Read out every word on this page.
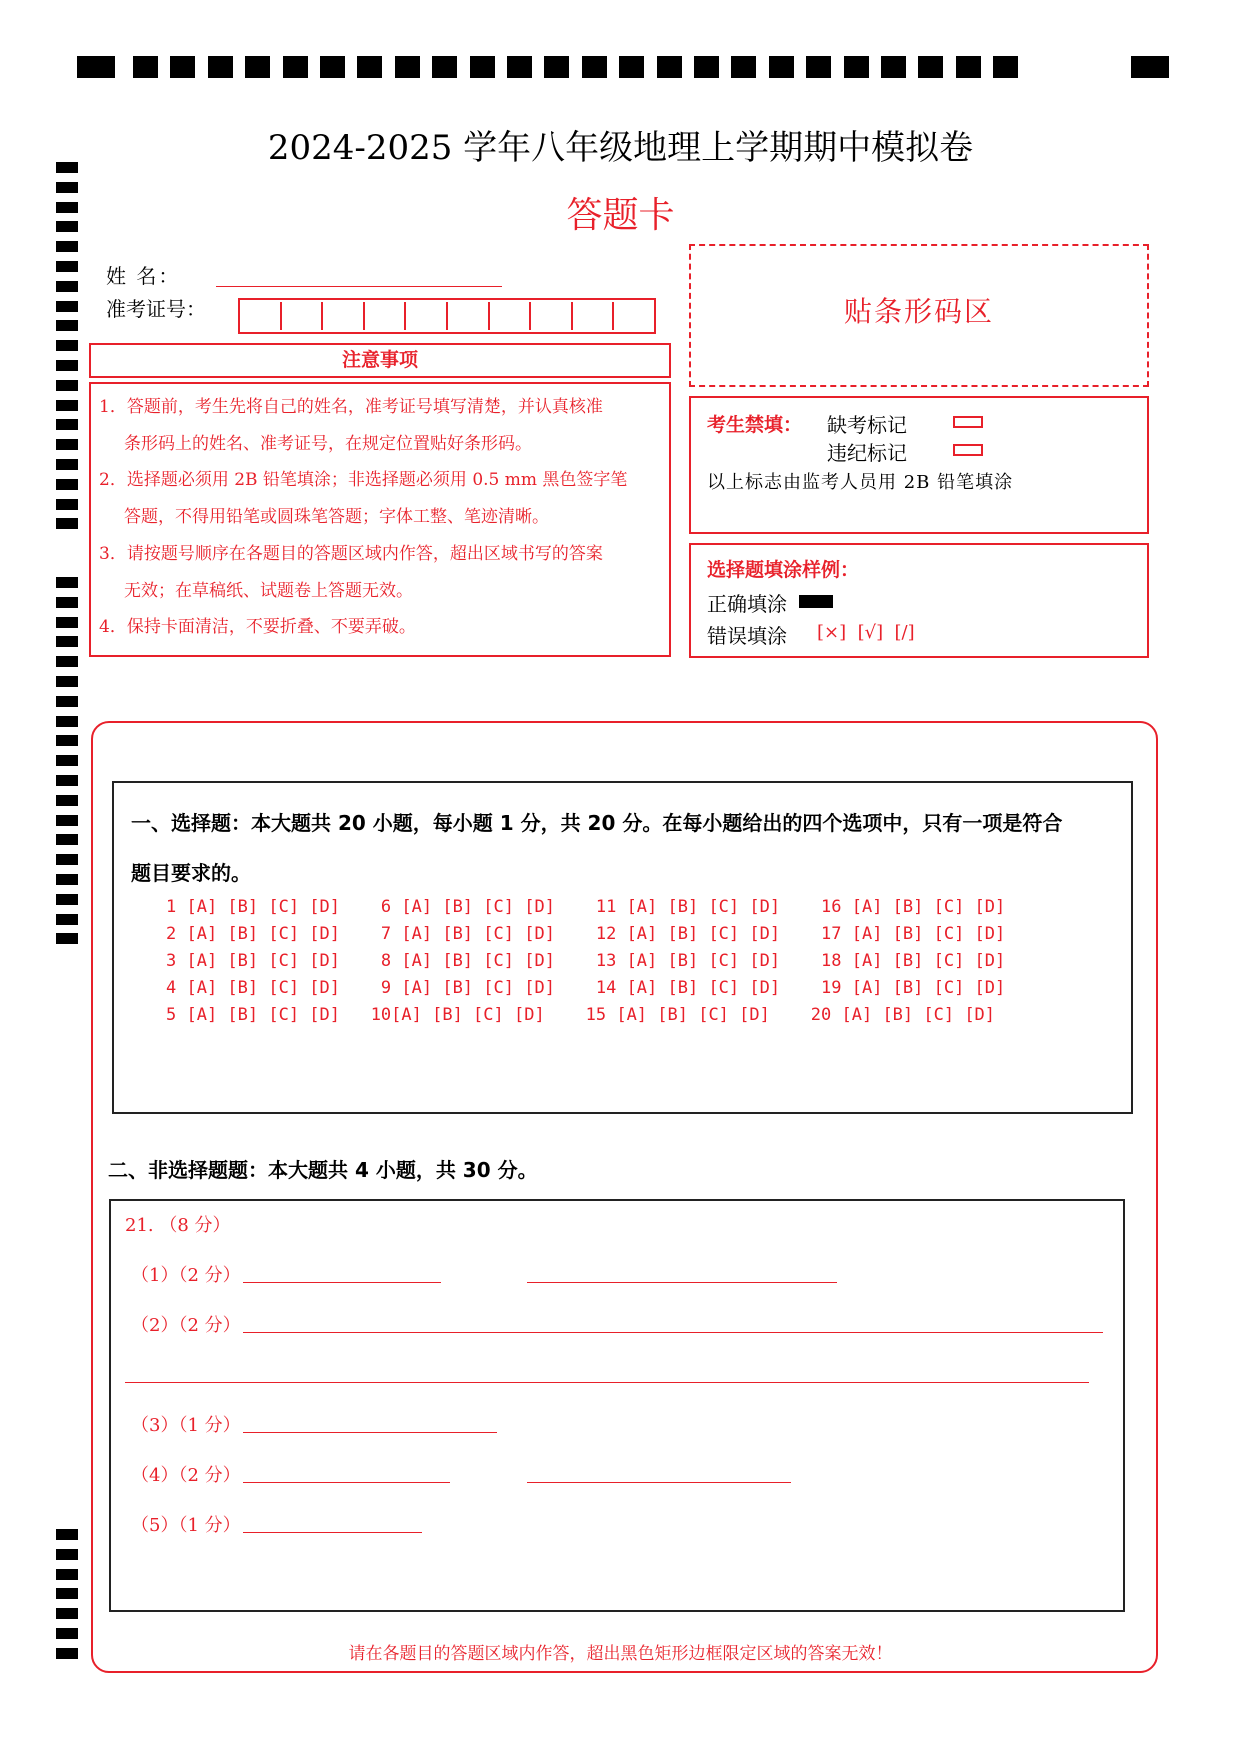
2024-2025 学年八年级地理上学期期中模拟卷
答题卡
姓 名：
准考证号：
注意事项
1．答题前，考生先将自己的姓名，准考证号填写清楚，并认真核准
条形码上的姓名、准考证号，在规定位置贴好条形码。
2．选择题必须用 2B 铅笔填涂；非选择题必须用 0.5 mm 黑色签字笔
答题，不得用铅笔或圆珠笔答题；字体工整、笔迹清晰。
3．请按题号顺序在各题目的答题区域内作答，超出区域书写的答案
无效；在草稿纸、试题卷上答题无效。
4．保持卡面清洁，不要折叠、不要弄破。
贴条形码区
考生禁填： 缺考标记
违纪标记
以上标志由监考人员用 2B 铅笔填涂
选择题填涂样例：
正确填涂
错误填涂 [×]  [√]  [/]
一、选择题：本大题共 20 小题，每小题 1 分，共 20 分。在每小题给出的四个选项中，只有一项是符合
题目要求的。
1 [A] [B] [C] [D]    6 [A] [B] [C] [D]    11 [A] [B] [C] [D]    16 [A] [B] [C] [D]
2 [A] [B] [C] [D]    7 [A] [B] [C] [D]    12 [A] [B] [C] [D]    17 [A] [B] [C] [D]
3 [A] [B] [C] [D]    8 [A] [B] [C] [D]    13 [A] [B] [C] [D]    18 [A] [B] [C] [D]
4 [A] [B] [C] [D]    9 [A] [B] [C] [D]    14 [A] [B] [C] [D]    19 [A] [B] [C] [D]
5 [A] [B] [C] [D]   10[A] [B] [C] [D]    15 [A] [B] [C] [D]    20 [A] [B] [C] [D]
二、非选择题题：本大题共 4 小题，共 30 分。
21. （8 分）
（1）（2 分）
（2）（2 分）
（3）（1 分）
（4）（2 分）
（5）（1 分）
请在各题目的答题区域内作答，超出黑色矩形边框限定区域的答案无效！
